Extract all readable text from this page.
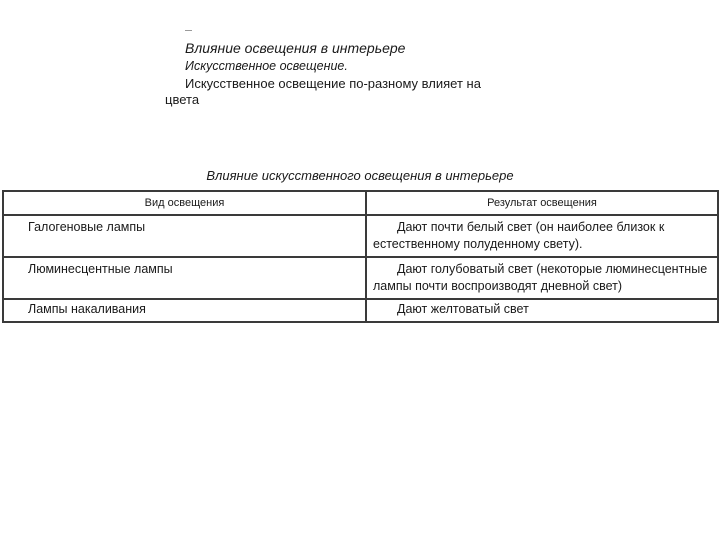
Влияние освещения в интерьере
Искусственное освещение.
Искусственное освещение по-разному влияет на цвета
Влияние искусственного освещения в интерьере
Вид освещения	Результат освещения
Галогеновые лампы	Дают почти белый свет (он наиболее близок к естественному полуденному свету).
Люминесцентные лампы	Дают голубоватый свет (некоторые люминесцентные лампы почти воспроизводят дневной свет)
Лампы накаливания	Дают желтоватый свет
